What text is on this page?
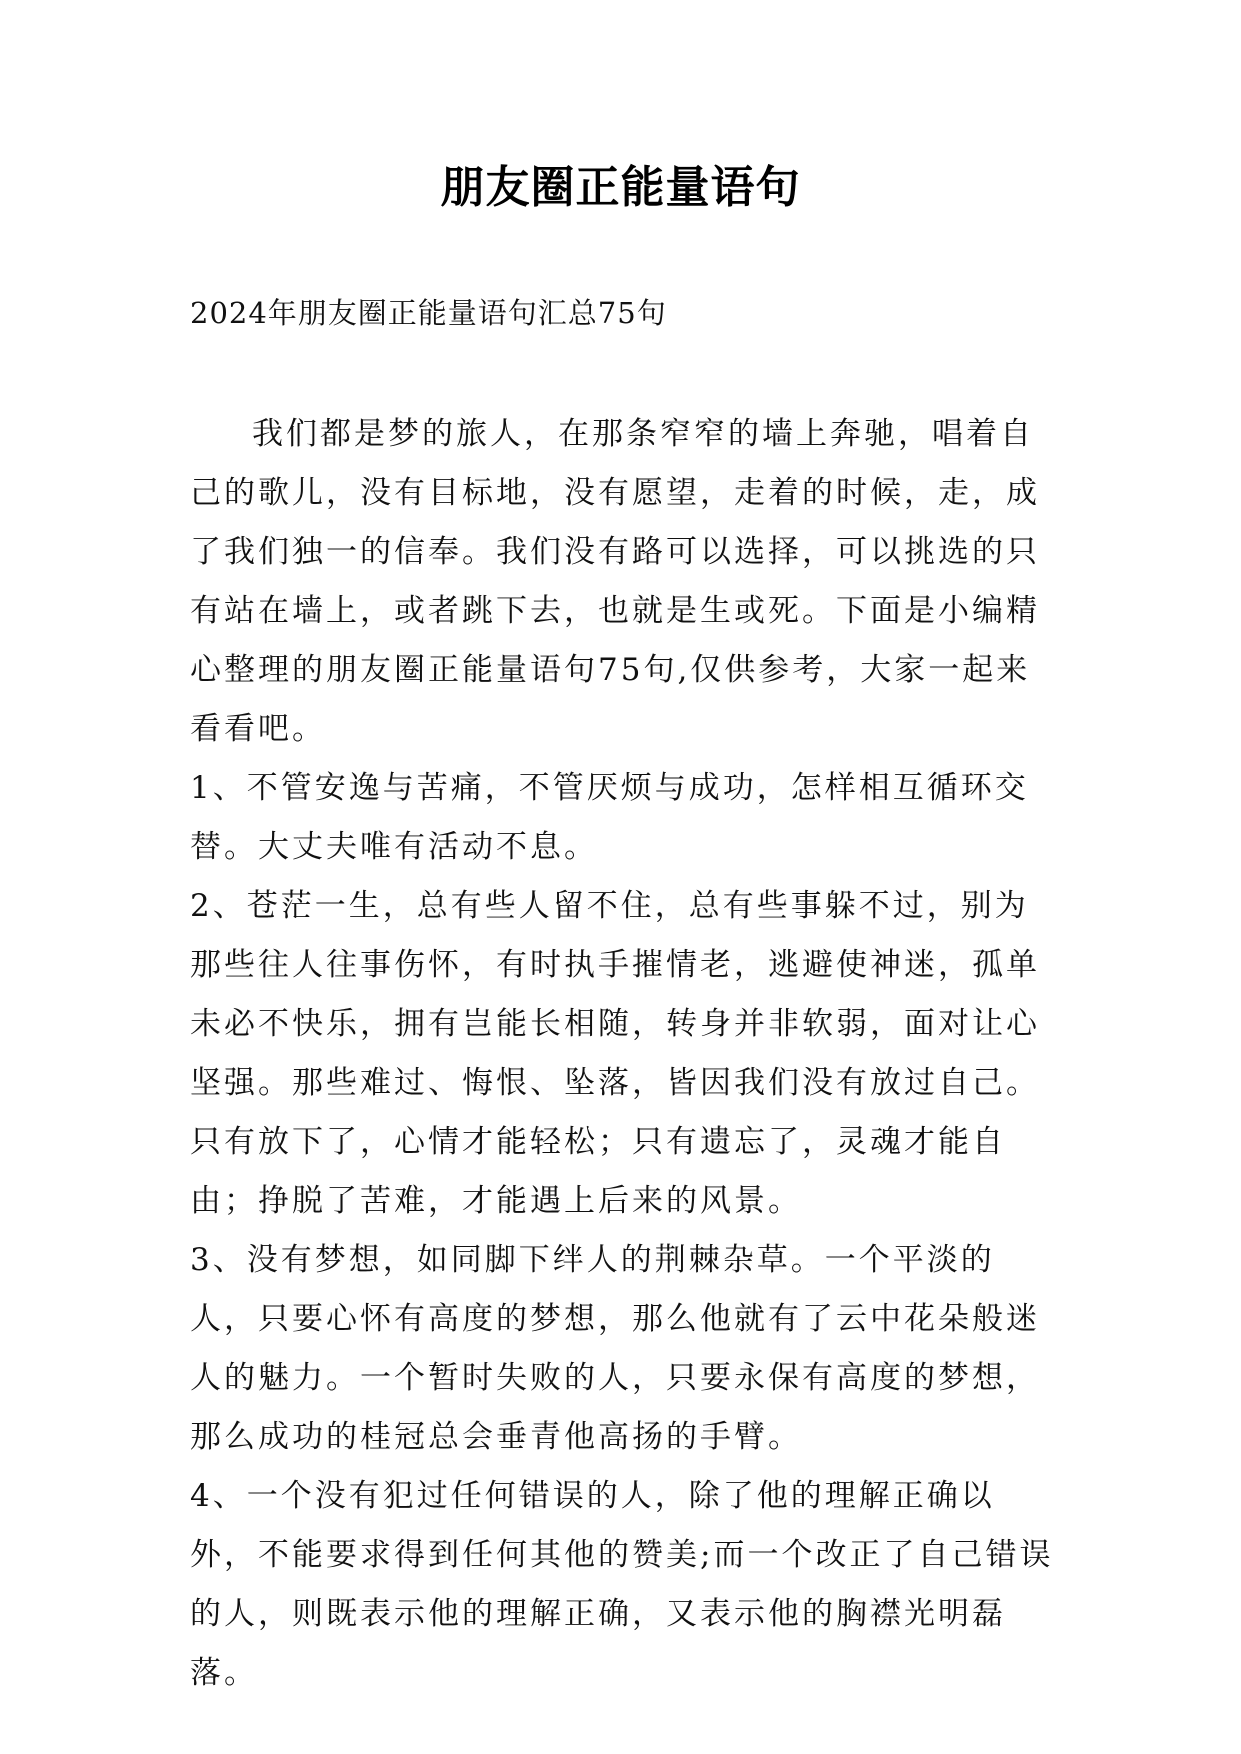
朋友圈正能量语句
2024年朋友圈正能量语句汇总75句

我们都是梦的旅人，在那条窄窄的墙上奔驰，唱着自己的歌儿，没有目标地，没有愿望，走着的时候，走，成了我们独一的信奉。我们没有路可以选择，可以挑选的只有站在墙上，或者跳下去，也就是生或死。下面是小编精心整理的朋友圈正能量语句75句,仅供参考，大家一起来看看吧。

1、不管安逸与苦痛，不管厌烦与成功，怎样相互循环交替。大丈夫唯有活动不息。

2、苍茫一生，总有些人留不住，总有些事躲不过，别为那些往人往事伤怀，有时执手摧情老，逃避使神迷，孤单未必不快乐，拥有岂能长相随，转身并非软弱，面对让心坚强。那些难过、悔恨、坠落，皆因我们没有放过自己。只有放下了，心情才能轻松；只有遗忘了，灵魂才能自由；挣脱了苦难，才能遇上后来的风景。

3、没有梦想，如同脚下绊人的荆棘杂草。一个平淡的人，只要心怀有高度的梦想，那么他就有了云中花朵般迷人的魅力。一个暂时失败的人，只要永保有高度的梦想，那么成功的桂冠总会垂青他高扬的手臂。

4、一个没有犯过任何错误的人，除了他的理解正确以外，不能要求得到任何其他的赞美;而一个改正了自己错误的人，则既表示他的理解正确，又表示他的胸襟光明磊落。
